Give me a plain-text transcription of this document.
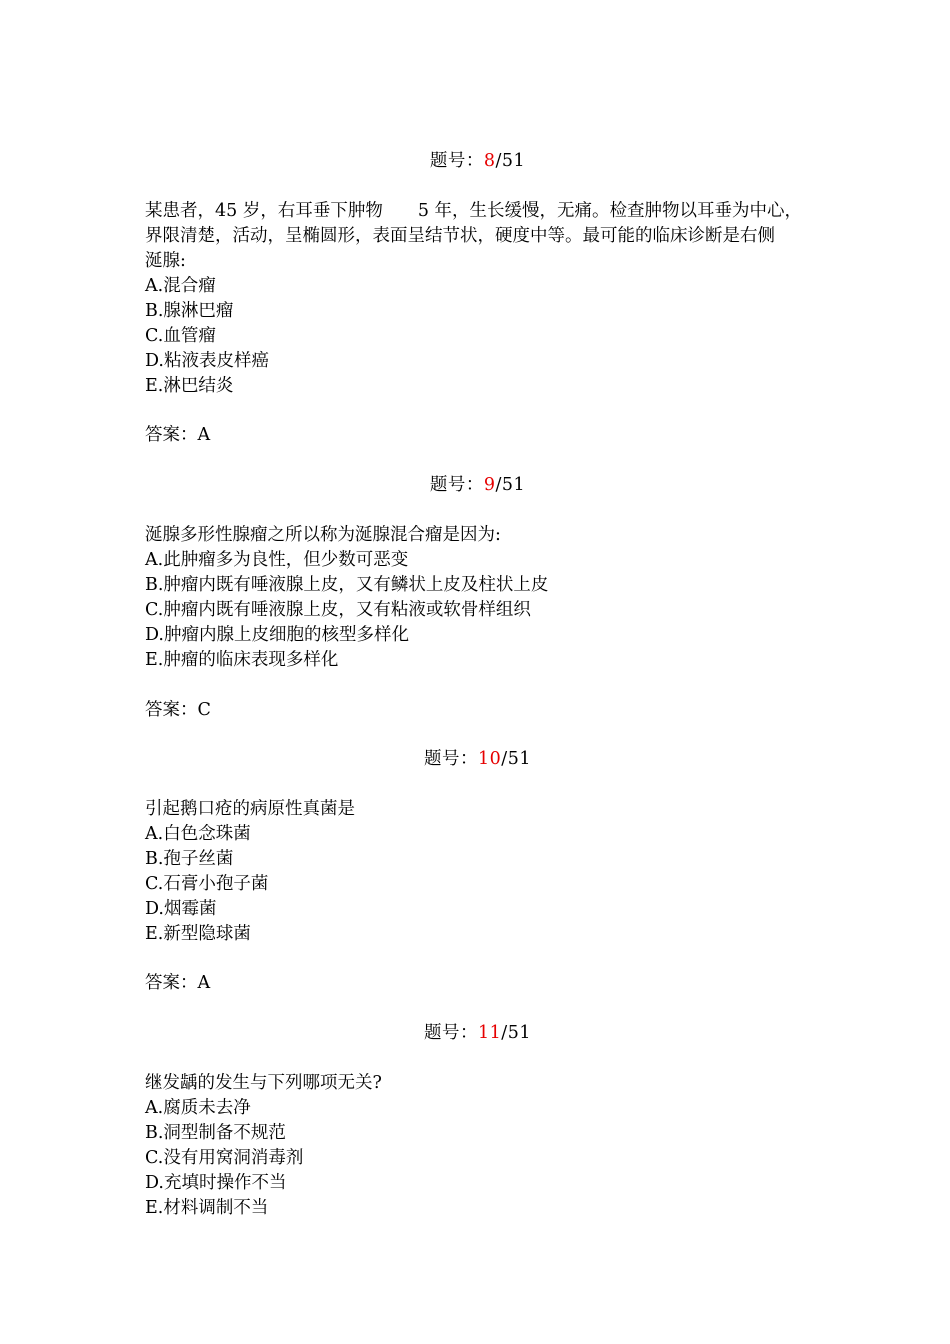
题号：8/51
某患者，45 岁，右耳垂下肿物　　5 年，生长缓慢，无痛。检查肿物以耳垂为中心，
界限清楚，活动，呈椭圆形，表面呈结节状，硬度中等。最可能的临床诊断是右侧
涎腺:
A.混合瘤
B.腺淋巴瘤
C.血管瘤
D.粘液表皮样癌
E.淋巴结炎
答案：A
题号：9/51
涎腺多形性腺瘤之所以称为涎腺混合瘤是因为:
A.此肿瘤多为良性，但少数可恶变
B.肿瘤内既有唾液腺上皮，又有鳞状上皮及柱状上皮
C.肿瘤内既有唾液腺上皮，又有粘液或软骨样组织
D.肿瘤内腺上皮细胞的核型多样化
E.肿瘤的临床表现多样化
答案：C
题号：10/51
引起鹅口疮的病原性真菌是
A.白色念珠菌
B.孢子丝菌
C.石膏小孢子菌
D.烟霉菌
E.新型隐球菌
答案：A
题号：11/51
继发龋的发生与下列哪项无关?
A.腐质未去净
B.洞型制备不规范
C.没有用窝洞消毒剂
D.充填时操作不当
E.材料调制不当
